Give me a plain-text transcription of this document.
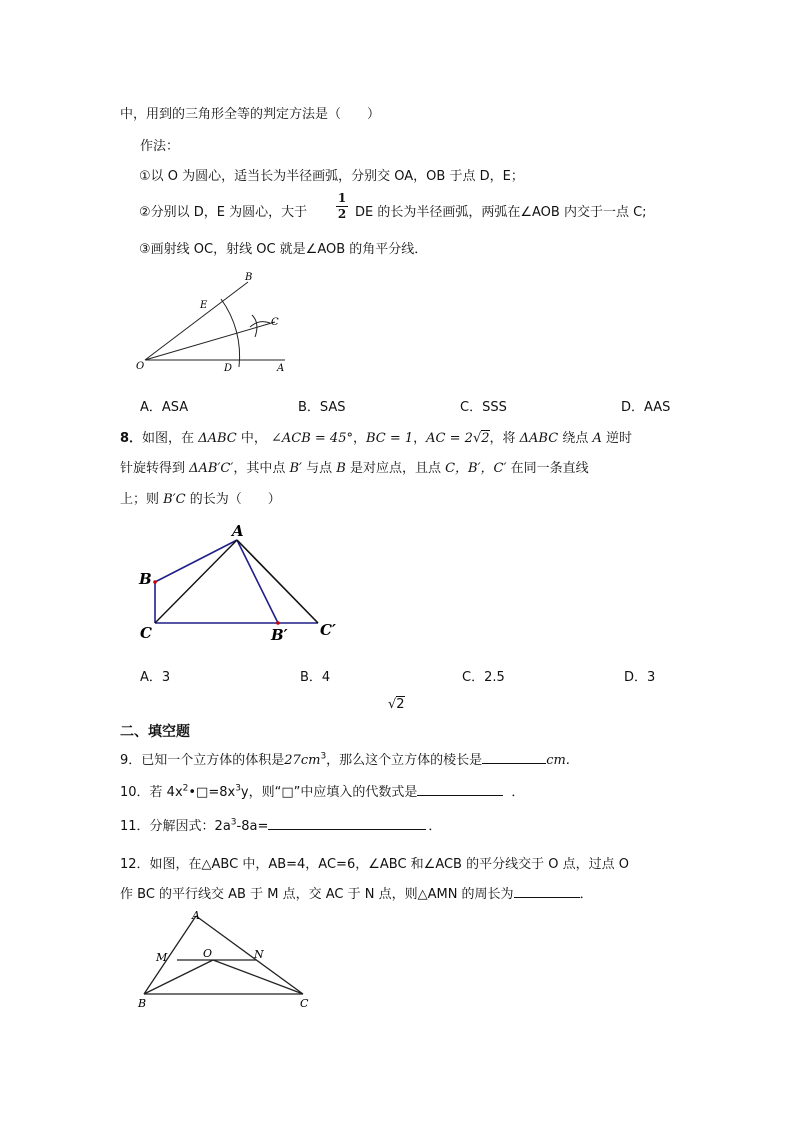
中，用到的三角形全等的判定方法是（　　）
作法：
①以 O 为圆心，适当长为半径画弧，分别交 OA，OB 于点 D，E；
②分别以 D，E 为圆心，大于
1
2 DE 的长为半径画弧，两弧在∠AOB 内交于一点 C;
③画射线 OC，射线 OC 就是∠AOB 的角平分线．
O	D	A
E
B
C
A．ASA	B．SAS	C．SSS	D．AAS
8．如图，在 ΔABC 中， ∠ACB = 45°，BC = 1，AC = 2√2，将 ΔABC 绕点 A 逆时
针旋转得到 ΔAB′C′，其中点 B′ 与点 B 是对应点，且点 C，B′，C′ 在同一条直线
上；则 B′C 的长为（　　）
A
B
C	B′ C′
A．3	B．4	C．2.5	D．3
√2
二、填空题
9．已知一个立方体的体积是$27cm^3$，那么这个立方体的棱长是	cm.
10．若 $4x^2•□=8x^3y$，则“□”中应填入的代数式是	．
11．分解因式：$2a^3-8a=$	．
12．如图，在△ABC 中，AB=4，AC=6，∠ABC 和∠ACB 的平分线交于 O 点，过点 O
作 BC 的平行线交 AB 于 M 点，交 AC 于 N 点，则△AMN 的周长为	．
A
M	O	N
B	C
